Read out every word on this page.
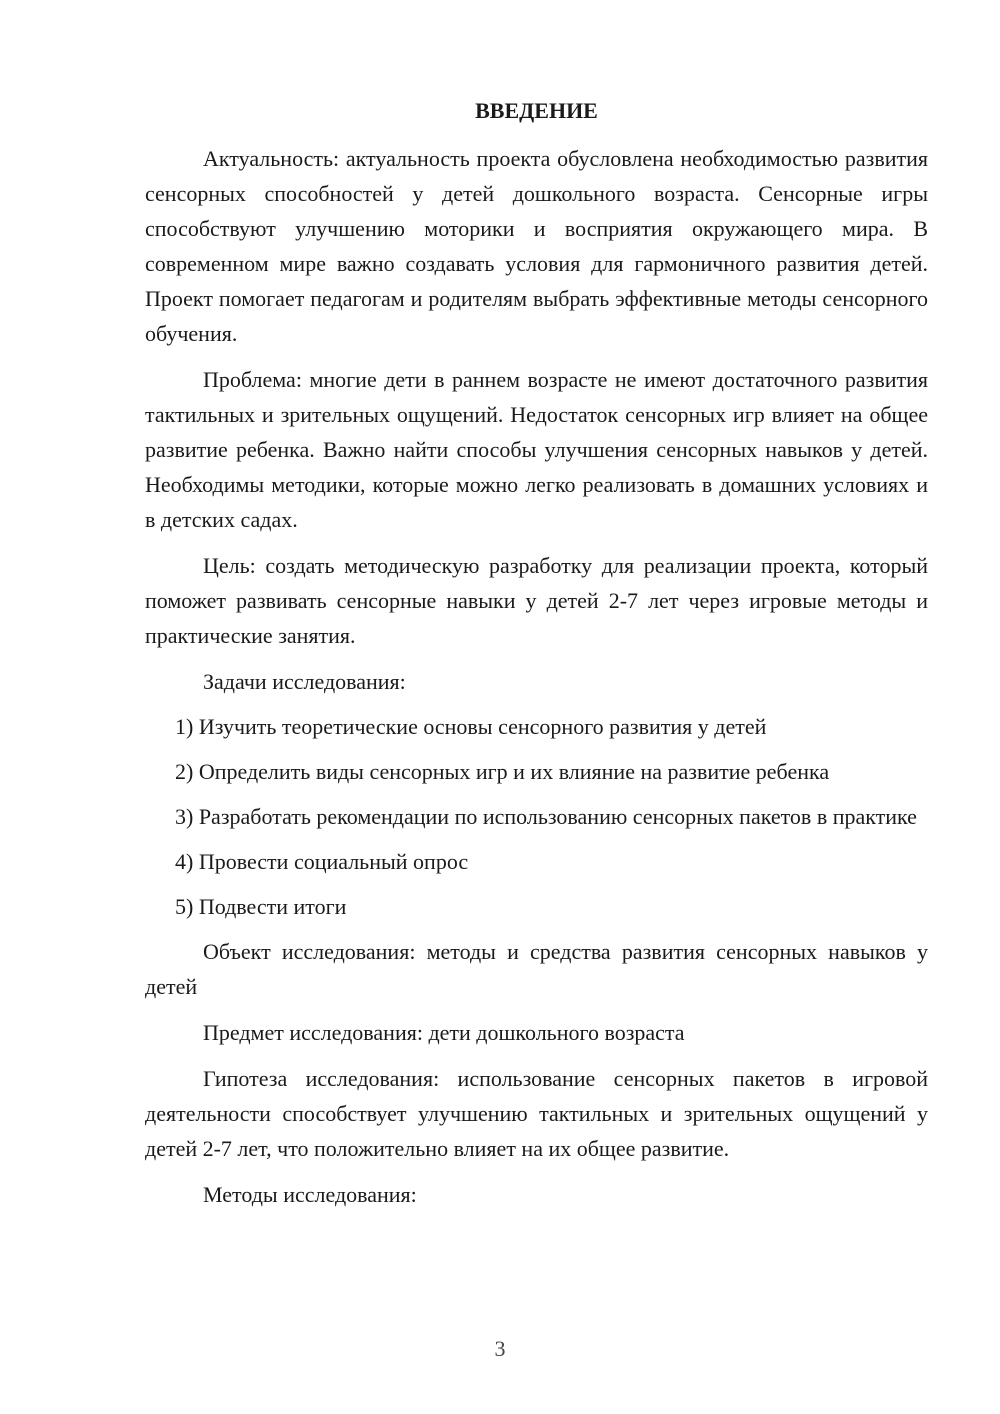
ВВЕДЕНИЕ

Актуальность: актуальность проекта обусловлена необходимостью развития сенсорных способностей у детей дошкольного возраста. Сенсорные игры способствуют улучшению моторики и восприятия окружающего мира. В современном мире важно создавать условия для гармоничного развития детей. Проект помогает педагогам и родителям выбрать эффективные методы сенсорного обучения.

Проблема: многие дети в раннем возрасте не имеют достаточного развития тактильных и зрительных ощущений. Недостаток сенсорных игр влияет на общее развитие ребенка. Важно найти способы улучшения сенсорных навыков у детей. Необходимы методики, которые можно легко реализовать в домашних условиях и в детских садах.

Цель: создать методическую разработку для реализации проекта, который поможет развивать сенсорные навыки у детей 2-7 лет через игровые методы и практические занятия.

Задачи исследования:

1) Изучить теоретические основы сенсорного развития у детей

2) Определить виды сенсорных игр и их влияние на развитие ребенка

3) Разработать рекомендации по использованию сенсорных пакетов в практике

4) Провести социальный опрос

5) Подвести итоги

Объект исследования: методы и средства развития сенсорных навыков у детей

Предмет исследования: дети дошкольного возраста

Гипотеза исследования: использование сенсорных пакетов в игровой деятельности способствует улучшению тактильных и зрительных ощущений у детей 2-7 лет, что положительно влияет на их общее развитие.

Методы исследования:

3
